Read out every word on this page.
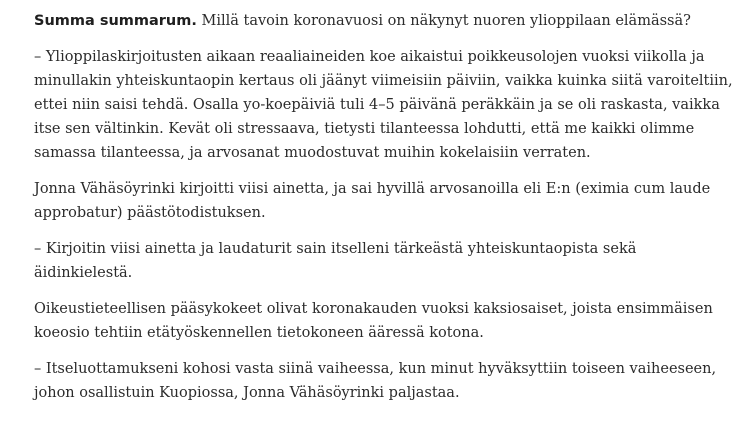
Summa summarum. Millä tavoin koronavuosi on näkynyt nuoren ylioppilaan elämässä?

– Ylioppilaskirjoitusten aikaan reaaliaineiden koe aikaistui poikkeusolojen vuoksi viikolla ja minullakin yhteiskuntaopin kertaus oli jäänyt viimeisiin päiviin, vaikka kuinka siitä varoiteltiin, ettei niin saisi tehdä. Osalla yo-koepäiviä tuli 4–5 päivänä peräkkäin ja se oli raskasta, vaikka itse sen vältinkin. Kevät oli stressaava, tietysti tilanteessa lohdutti, että me kaikki olimme samassa tilanteessa, ja arvosanat muodostuvat muihin kokelaisiin verraten.

Jonna Vähäsöyrinki kirjoitti viisi ainetta, ja sai hyvillä arvosanoilla eli E:n (eximia cum laude approbatur) päästötodistuksen.

– Kirjoitin viisi ainetta ja laudaturit sain itselleni tärkeästä yhteiskuntaopista sekä äidinkielestä.

Oikeustieteellisen pääsykokeet olivat koronakauden vuoksi kaksiosaiset, joista ensimmäisen koeosio tehtiin etätyöskennellen tietokoneen ääressä kotona.

– Itseluottamukseni kohosi vasta siinä vaiheessa, kun minut hyväksyttiin toiseen vaiheeseen, johon osallistuin Kuopiossa, Jonna Vähäsöyrinki paljastaa.
